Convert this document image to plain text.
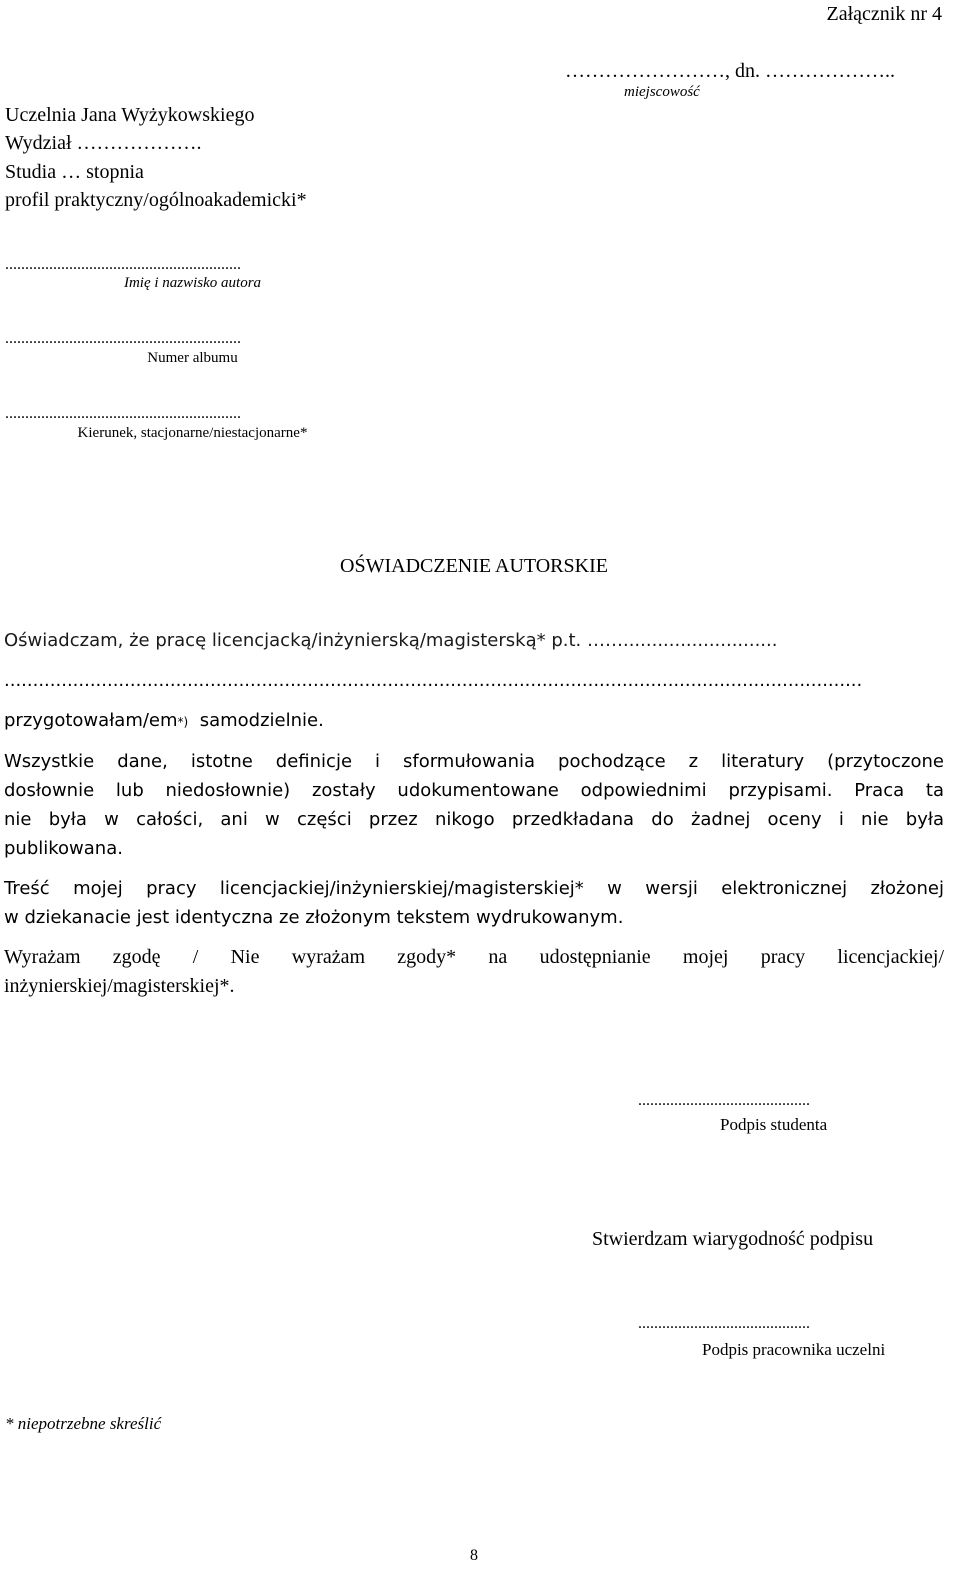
Załącznik nr 4
……………………, dn. ………………..
miejscowość
Uczelnia Jana Wyżykowskiego
Wydział ……………….
Studia … stopnia
profil praktyczny/ogólnoakademicki*
...........................................................
Imię i nazwisko autora
...........................................................
Numer albumu
...........................................................
Kierunek, stacjonarne/niestacjonarne*
OŚWIADCZENIE AUTORSKIE
Oświadczam, że pracę licencjacką/inżynierską/magisterską* p.t. ……...........................
......................................................................................................................................................
przygotowałam/em*) samodzielnie.
Wszystkie dane, istotne definicje i sformułowania pochodzące z literatury (przytoczone
dosłownie lub niedosłownie) zostały udokumentowane odpowiednimi przypisami. Praca ta
nie była w całości, ani w części przez nikogo przedkładana do żadnej oceny i nie była
publikowana.
Treść mojej pracy licencjackiej/inżynierskiej/magisterskiej* w wersji elektronicznej złożonej
w dziekanacie jest identyczna ze złożonym tekstem wydrukowanym.
Wyrażam zgodę / Nie wyrażam zgody* na udostępnianie mojej pracy licencjackiej/
inżynierskiej/magisterskiej*.
...........................................
Podpis studenta
Stwierdzam wiarygodność podpisu
...........................................
Podpis pracownika uczelni
* niepotrzebne skreślić
8
